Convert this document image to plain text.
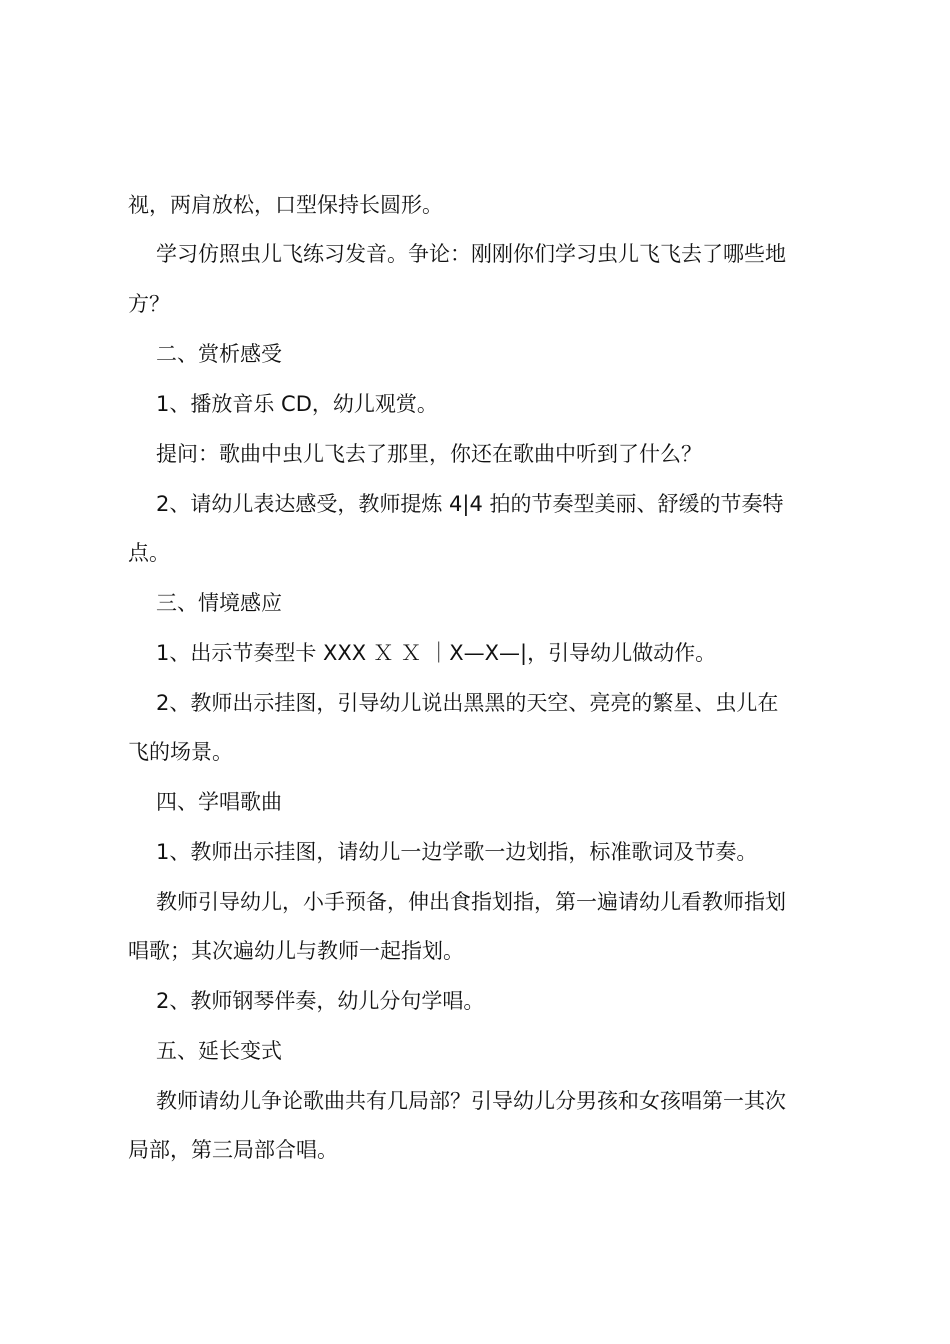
视，两肩放松，口型保持长圆形。
学习仿照虫儿飞练习发音。争论：刚刚你们学习虫儿飞飞去了哪些地
方？
二、赏析感受
1、播放音乐 CD，幼儿观赏。
提问：歌曲中虫儿飞去了那里，你还在歌曲中听到了什么？
2、请幼儿表达感受，教师提炼 4|4 拍的节奏型美丽、舒缓的节奏特
点。
三、情境感应
1、出示节奏型卡 XXX Ｘ Ｘ ｜X—X—|，引导幼儿做动作。
2、教师出示挂图，引导幼儿说出黑黑的天空、亮亮的繁星、虫儿在
飞的场景。
四、学唱歌曲
1、教师出示挂图，请幼儿一边学歌一边划指，标准歌词及节奏。
教师引导幼儿，小手预备，伸出食指划指，第一遍请幼儿看教师指划
唱歌；其次遍幼儿与教师一起指划。
2、教师钢琴伴奏，幼儿分句学唱。
五、延长变式
教师请幼儿争论歌曲共有几局部？引导幼儿分男孩和女孩唱第一其次
局部，第三局部合唱。
